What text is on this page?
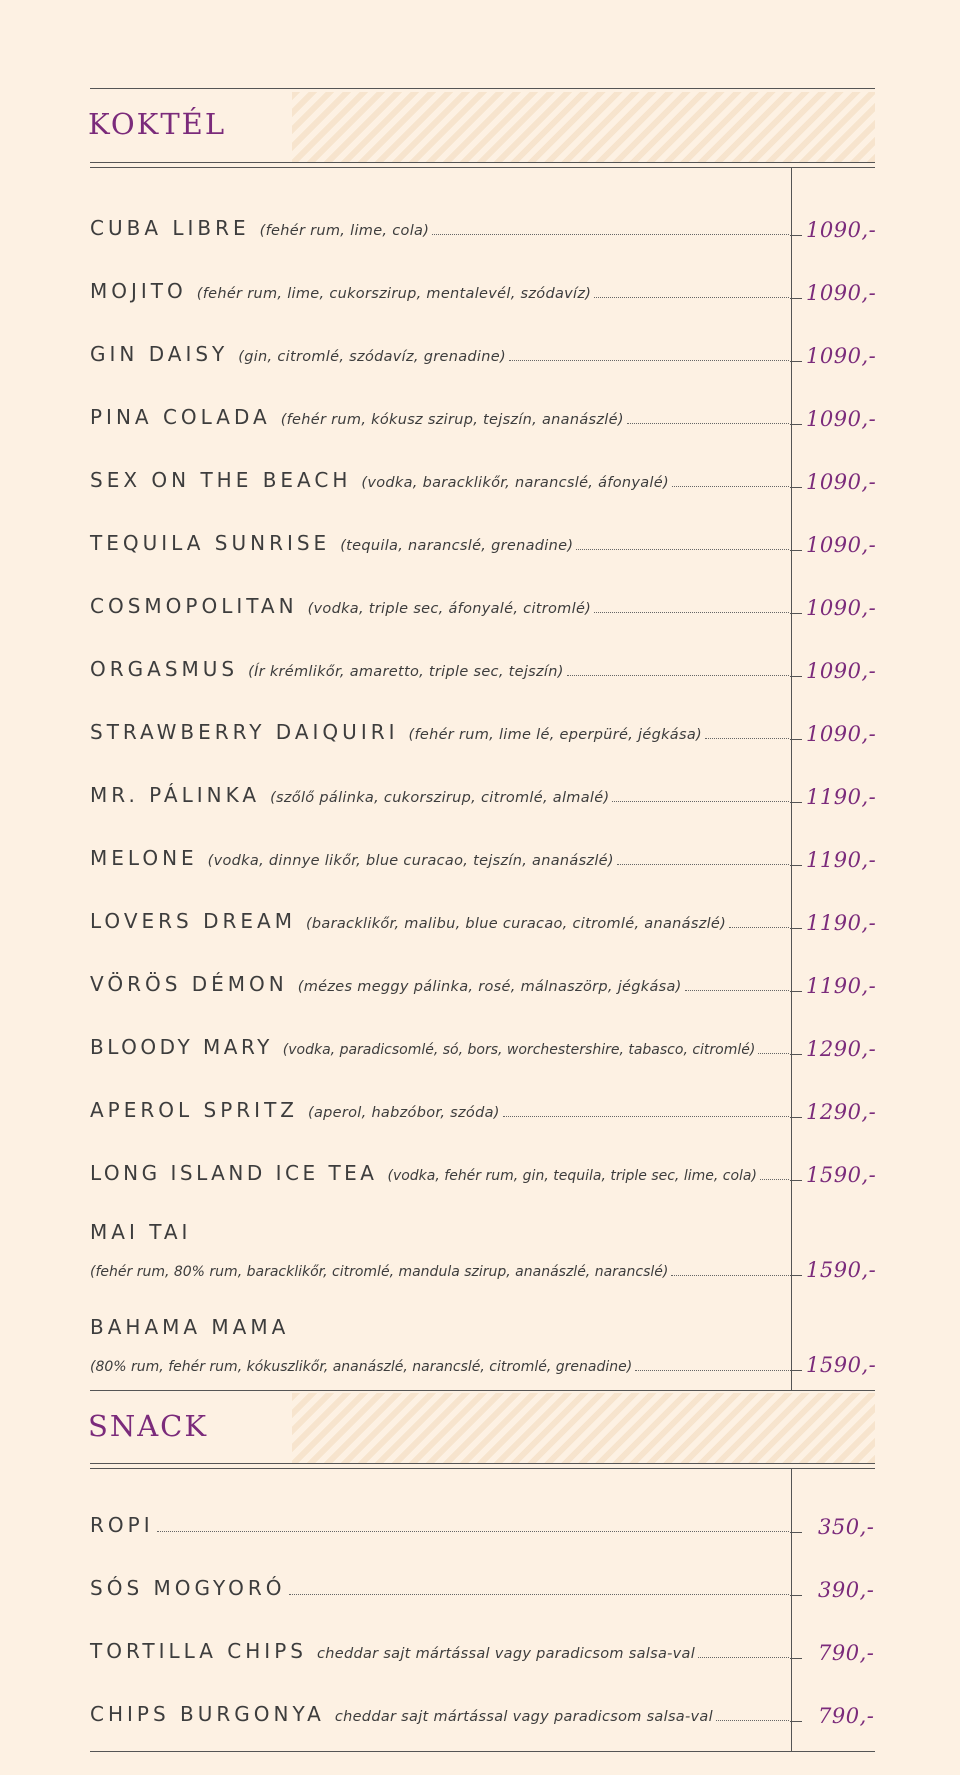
KOKTÉL
CUBA LIBRE (fehér rum, lime, cola)	1090,-
MOJITO (fehér rum, lime, cukorszirup, mentalevél, szódavíz)	1090,-
GIN DAISY (gin, citromlé, szódavíz, grenadine)	1090,-
PINA COLADA (fehér rum, kókusz szirup, tejszín, ananászlé)	1090,-
SEX ON THE BEACH (vodka, baracklikőr, narancslé, áfonyalé)	1090,-
TEQUILA SUNRISE (tequila, narancslé, grenadine)	1090,-
COSMOPOLITAN (vodka, triple sec, áfonyalé, citromlé)	1090,-
ORGASMUS (Ír krémlikőr, amaretto, triple sec, tejszín)	1090,-
STRAWBERRY DAIQUIRI (fehér rum, lime lé, eperpüré, jégkása)	1090,-
MR. PÁLINKA (szőlő pálinka, cukorszirup, citromlé, almalé)	1190,-
MELONE (vodka, dinnye likőr, blue curacao, tejszín, ananászlé)	1190,-
LOVERS DREAM (baracklikőr, malibu, blue curacao, citromlé, ananászlé)	1190,-
VÖRÖS DÉMON (mézes meggy pálinka, rosé, málnaszörp, jégkása)	1190,-
BLOODY MARY (vodka, paradicsomlé, só, bors, worchestershire, tabasco, citromlé) 1290,-
APEROL SPRITZ (aperol, habzóbor, szóda)	1290,-
LONG ISLAND ICE TEA (vodka, fehér rum, gin, tequila, triple sec, lime, cola) 1590,-
MAI TAI
(fehér rum, 80% rum, baracklikőr, citromlé, mandula szirup, ananászlé, narancslé)	1590,-
BAHAMA MAMA
(80% rum, fehér rum, kókuszlikőr, ananászlé, narancslé, citromlé, grenadine)	1590,-
SNACK
ROPI	350,-
SÓS MOGYORÓ	390,-
TORTILLA CHIPS cheddar sajt mártással vagy paradicsom salsa-val	790,-
CHIPS BURGONYA cheddar sajt mártással vagy paradicsom salsa-val	790,-
